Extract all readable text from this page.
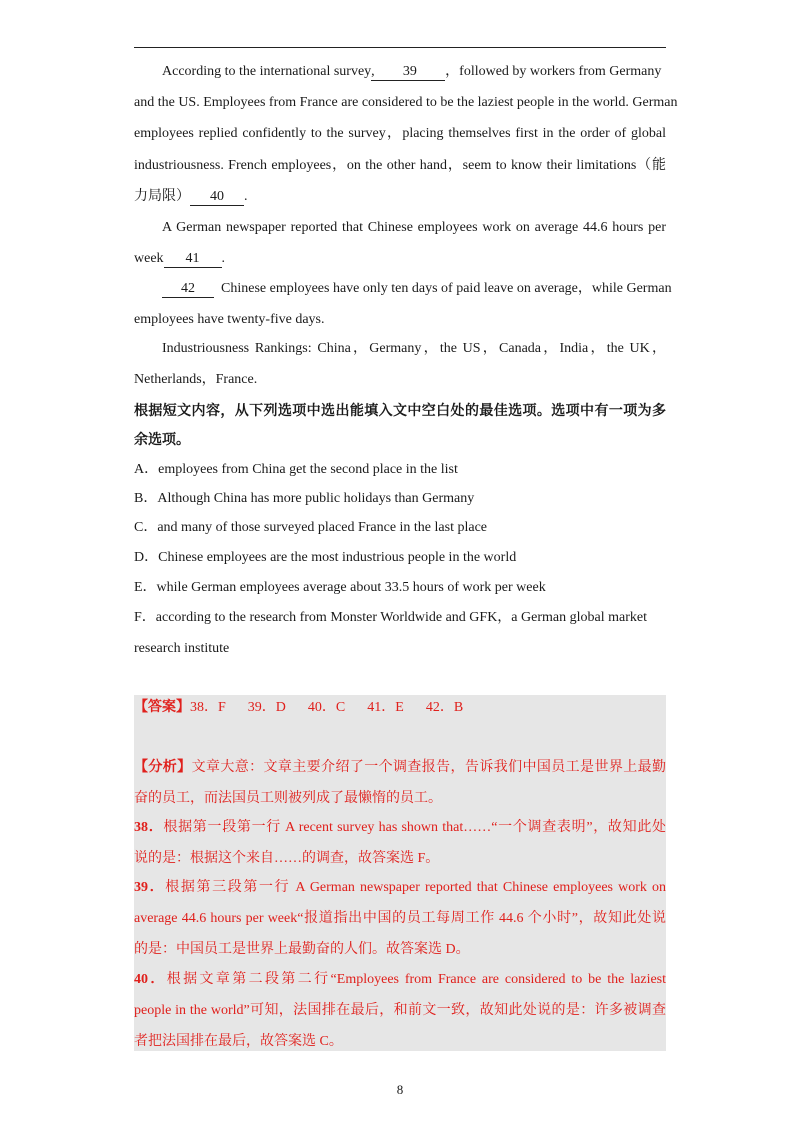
According to the international survey , 39 ，followed by workers from Germany
and the US. Employees from France are considered to be the laziest people in the world. German
employees replied confidently to the survey，placing themselves first in the order of global
industriousness. French employees，on the other hand，seem to know their limitations（能
力局限） 40 .
A German newspaper reported that Chinese employees work on average 44.6 hours per
week 41 .
42 Chinese employees have only ten days of paid leave on average，while German
employees have twenty-five days.
Industriousness Rankings: China，Germany，the US，Canada，India，the UK，
Netherlands，France.
根据短文内容，从下列选项中选出能填入文中空白处的最佳选项。选项中有一项为多
余选项。
A．employees from China get the second place in the list
B．Although China has more public holidays than Germany
C．and many of those surveyed placed France in the last place
D．Chinese employees are the most industrious people in the world
E．while German employees average about 33.5 hours of work per week
F．according to the research from Monster Worldwide and GFK，a German global market
research institute
【答案】38．F 39．D 40．C 41．E 42．B
【分析】文章大意：文章主要介绍了一个调查报告，告诉我们中国员工是世界上最勤
奋的员工，而法国员工则被列成了最懒惰的员工。
38．根据第一段第一行 A recent survey has shown that……“一个调查表明”，故知此处
说的是：根据这个来自……的调查，故答案选 F。
39．根据第三段第一行 A German newspaper reported that Chinese employees work on
average 44.6 hours per week“报道指出中国的员工每周工作 44.6 个小时”，故知此处说
的是：中国员工是世界上最勤奋的人们。故答案选 D。
40．根据文章第二段第二行“Employees from France are considered to be the laziest
people in the world”可知，法国排在最后，和前文一致，故知此处说的是：许多被调查
者把法国排在最后，故答案选 C。
8
